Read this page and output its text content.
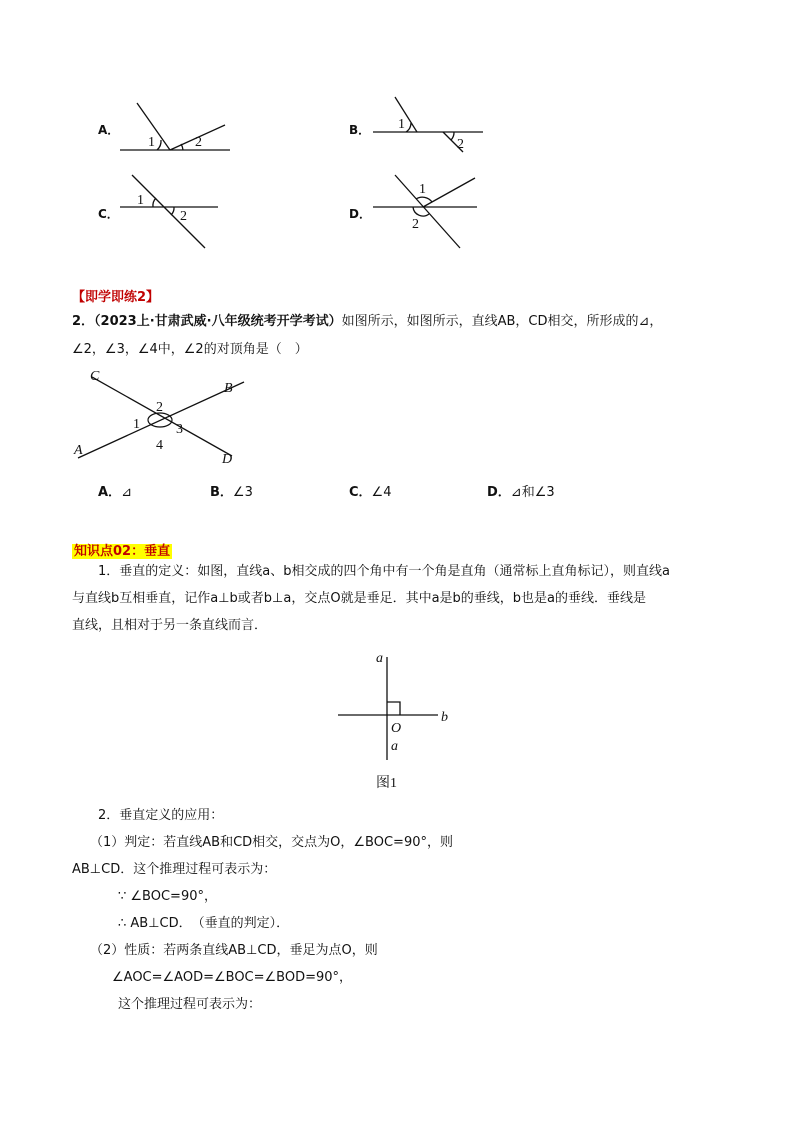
A．
1	2
B． 1
2
C．
1
2	D．
1
2
【即学即练2】
2．（2023上·甘肃武威·八年级统考开学考试）如图所示，如图所示，直线AB，CD相交，所形成的⊿，
∠2，∠3，∠4中，∠2的对顶角是（　）
C
B
A
D
1
2
3
4
A．⊿	B．∠3	C．∠4	D．⊿和∠3
知识点02：垂直
1．垂直的定义：如图，直线a、b相交成的四个角中有一个角是直角（通常标上直角标记），则直线a
与直线b互相垂直，记作a⊥b或者b⊥a，交点O就是垂足．其中a是b的垂线，b也是a的垂线．垂线是
直线，且相对于另一条直线而言．
a
b
O
a
图1
2．垂直定义的应用：
（1）判定：若直线AB和CD相交，交点为O，∠BOC=90°，则
AB⊥CD．这个推理过程可表示为：
∵ ∠BOC=90°，
∴ AB⊥CD．　（垂直的判定）．
（2）性质：若两条直线AB⊥CD，垂足为点O，则
∠AOC=∠AOD=∠BOC=∠BOD=90°，
这个推理过程可表示为：
